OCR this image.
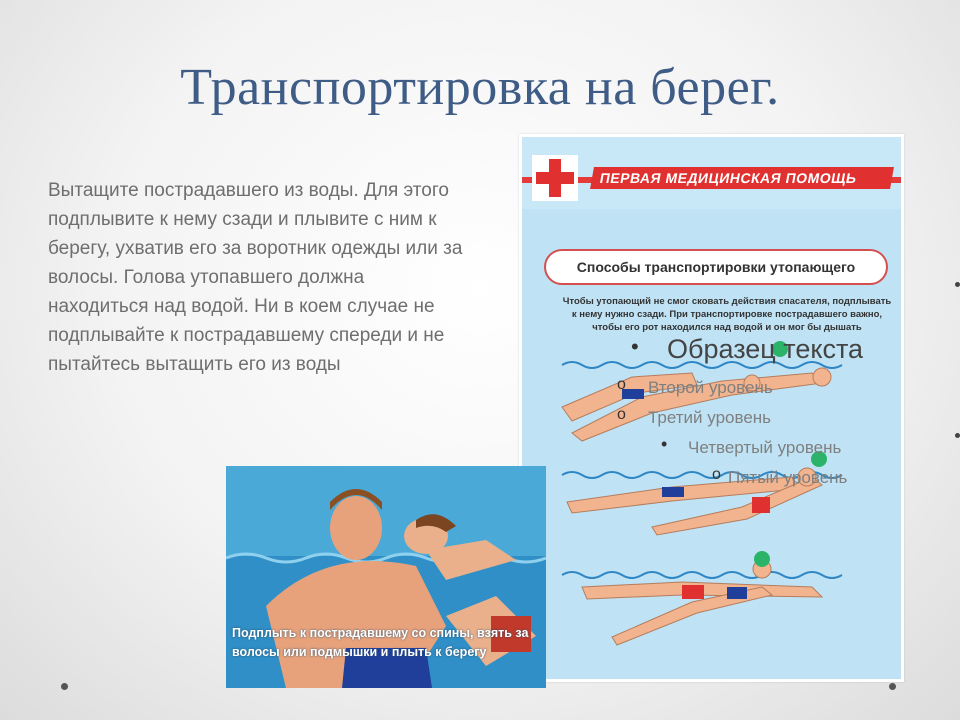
Транспортировка на берег.
Вытащите пострадавшего из воды. Для этого подплывите к нему сзади и плывите с ним к берегу, ухватив его за воротник одежды или за волосы. Голова утопавшего должна находиться над водой. Ни в коем случае не подплывайте к пострадавшему спереди и не пытайтесь вытащить его из воды
ПЕРВАЯ МЕДИЦИНСКАЯ ПОМОЩЬ
Способы транспортировки утопающего
Чтобы утопающий не смог сковать действия спасателя, подплывать к нему нужно сзади. При транспортировке пострадавшего важно, чтобы его рот находился над водой и он мог бы дышать
• Образец текста
o Второй уровень
o Третий уровень
• Четвертый уровень
o Пятый уровень
Подплыть к пострадавшему со спины, взять за волосы или подмышки и плыть к берегу
